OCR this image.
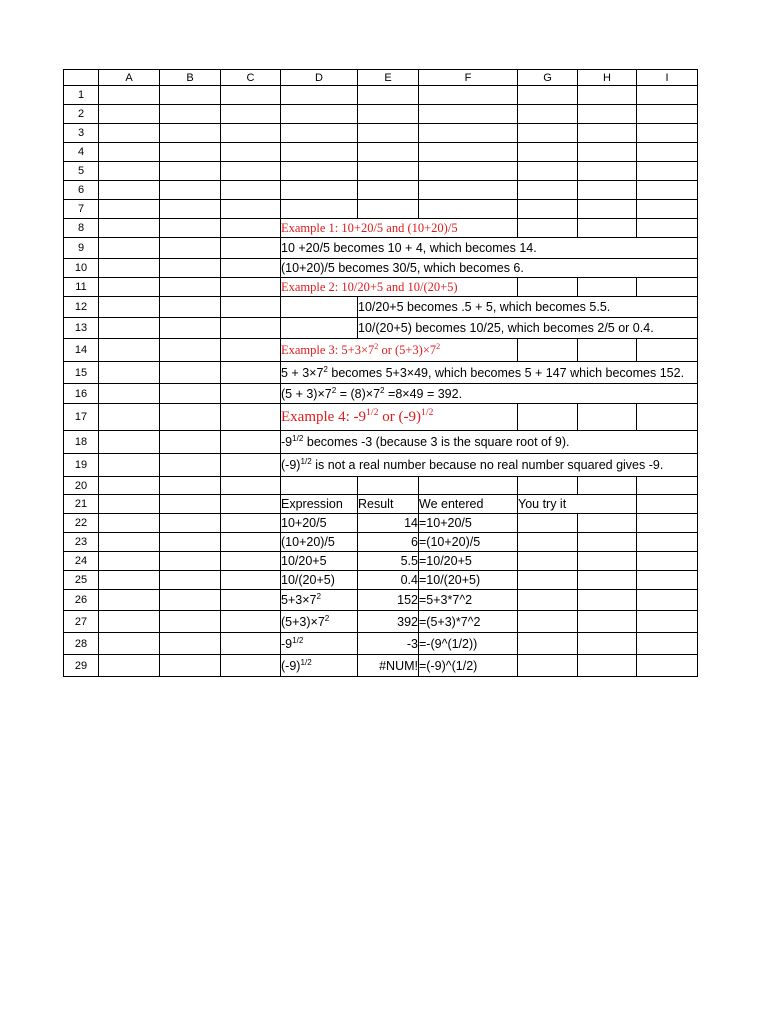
	A	B	C	D	E	F	G	H	I
1									
2									
3									
4									
5									
6									
7									
8				Example 1: 10+20/5 and (10+20)/5					
9				10 +20/5 becomes 10 + 4, which becomes 14.					
10				(10+20)/5 becomes 30/5, which becomes 6.					
11				Example 2: 10/20+5 and 10/(20+5)					
12					10/20+5 becomes .5 + 5, which becomes 5.5.				
13					10/(20+5) becomes 10/25, which becomes 2/5 or 0.4.				
14				Example 3: $5+3\times 7^2$ or $(5+3)\times 7^2$			
15				$5 + 3\times 7^2$ becomes 5+3×49, which becomes 5 + 147 which becomes 152.					
16				$(5 + 3)\times 7^2 = (8)\times 7^2 =8\times 49 = 392$.					
17				Example 4: $-9^{1/2}$ or $(-9)^{1/2}$			
18				$-9^{1/2}$ becomes -3 (because 3 is the square root of 9).					
19				$(-9)^{1/2}$ is not a real number because no real number squared gives -9.					
20									
21				Expression	Result	We entered	You try it		
22				10+20/5	14	=10+20/5			
23				(10+20)/5	6	=(10+20)/5			
24				10/20+5	5.5	=10/20+5			
25				10/(20+5)	0.4	=10/(20+5)			
26				$5+3\times 7^2$	152	=5+3*7^2			
27				$(5+3)\times 7^2$	392	=(5+3)*7^2			
28				$-9^{1/2}$	-3	=-(9^(1/2))			
29				$(-9)^{1/2}$	#NUM!	=(-9)^(1/2)			
